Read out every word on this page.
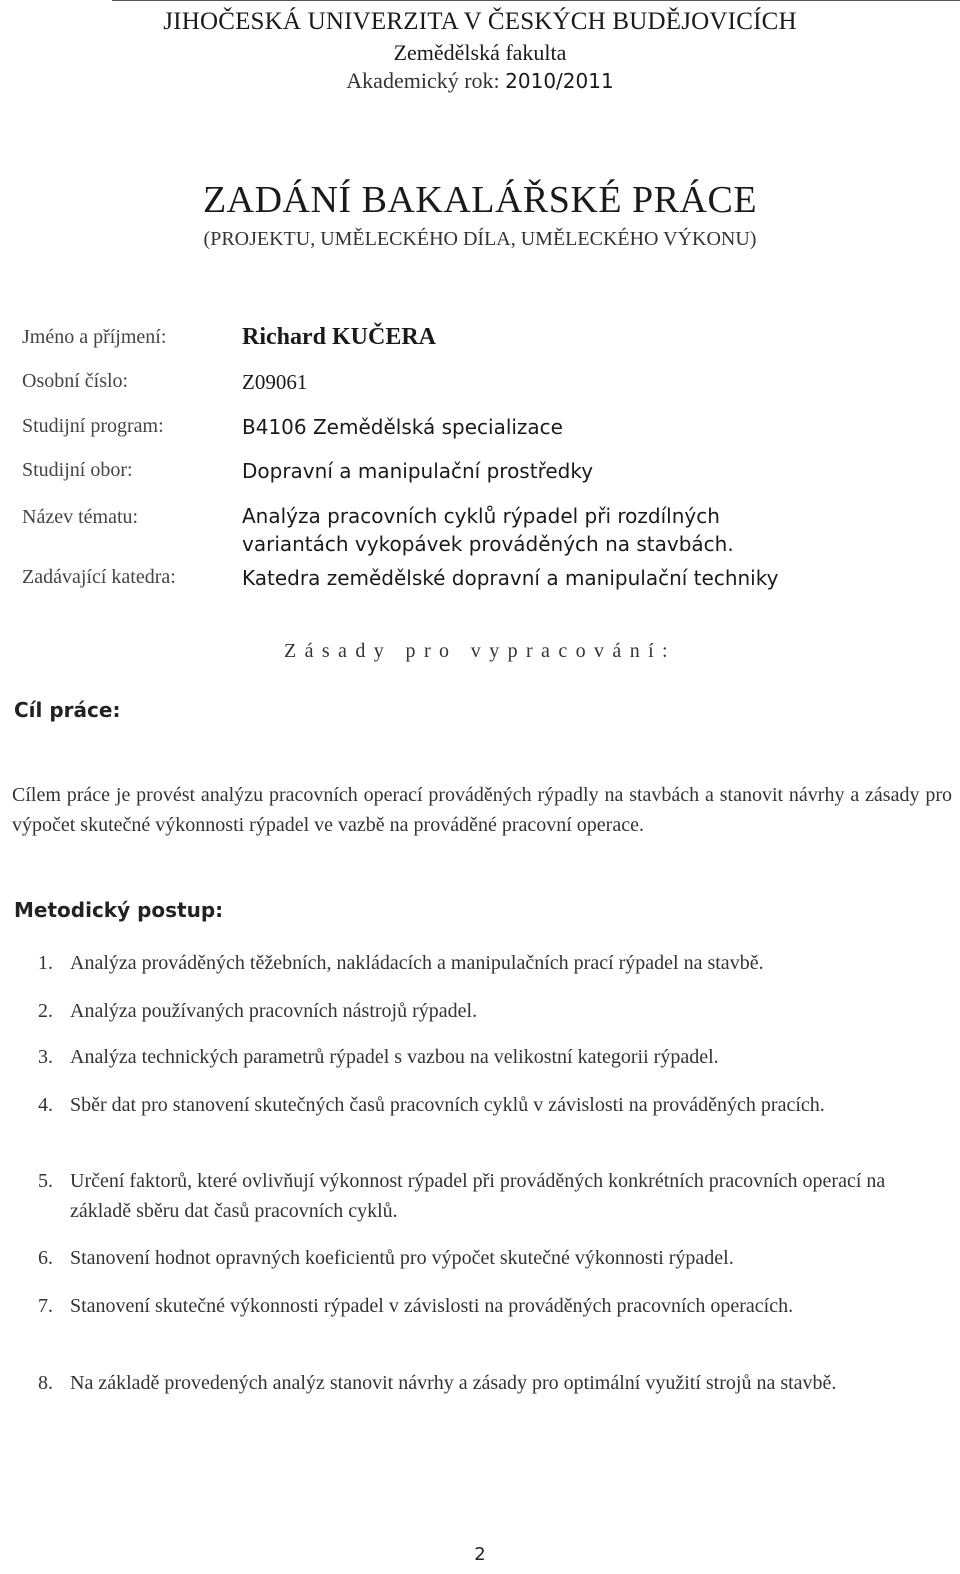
JIHOČESKÁ UNIVERZITA V ČESKÝCH BUDĚJOVICÍCH
Zemědělská fakulta
Akademický rok: 2010/2011
ZADÁNÍ BAKALÁŘSKÉ PRÁCE
(PROJEKTU, UMĚLECKÉHO DÍLA, UMĚLECKÉHO VÝKONU)
Jméno a příjmení:	Richard KUČERA
Osobní číslo:	Z09061
Studijní program:	B4106 Zemědělská specializace
Studijní obor:	Dopravní a manipulační prostředky
Název tématu:	Analýza pracovních cyklů rýpadel při rozdílných
variantách vykopávek prováděných na stavbách.
Zadávající katedra:	Katedra zemědělské dopravní a manipulační techniky
Zásady pro vypracování:
Cíl práce:
Cílem práce je provést analýzu pracovních operací prováděných rýpadly na stavbách a stanovit návrhy a zásady pro výpočet skutečné výkonnosti rýpadel ve vazbě na prováděné pracovní operace.
Metodický postup:
1. Analýza prováděných těžebních, nakládacích a manipulačních prací rýpadel na stavbě.
2. Analýza používaných pracovních nástrojů rýpadel.
3. Analýza technických parametrů rýpadel s vazbou na velikostní kategorii rýpadel.
4. Sběr dat pro stanovení skutečných časů pracovních cyklů v závislosti na prováděných pracích.
5. Určení faktorů, které ovlivňují výkonnost rýpadel při prováděných konkrétních pracovních operací na základě sběru dat časů pracovních cyklů.
6. Stanovení hodnot opravných koeficientů pro výpočet skutečné výkonnosti rýpadel.
7. Stanovení skutečné výkonnosti rýpadel v závislosti na prováděných pracovních operacích.
8. Na základě provedených analýz stanovit návrhy a zásady pro optimální využití strojů na stavbě.
2
